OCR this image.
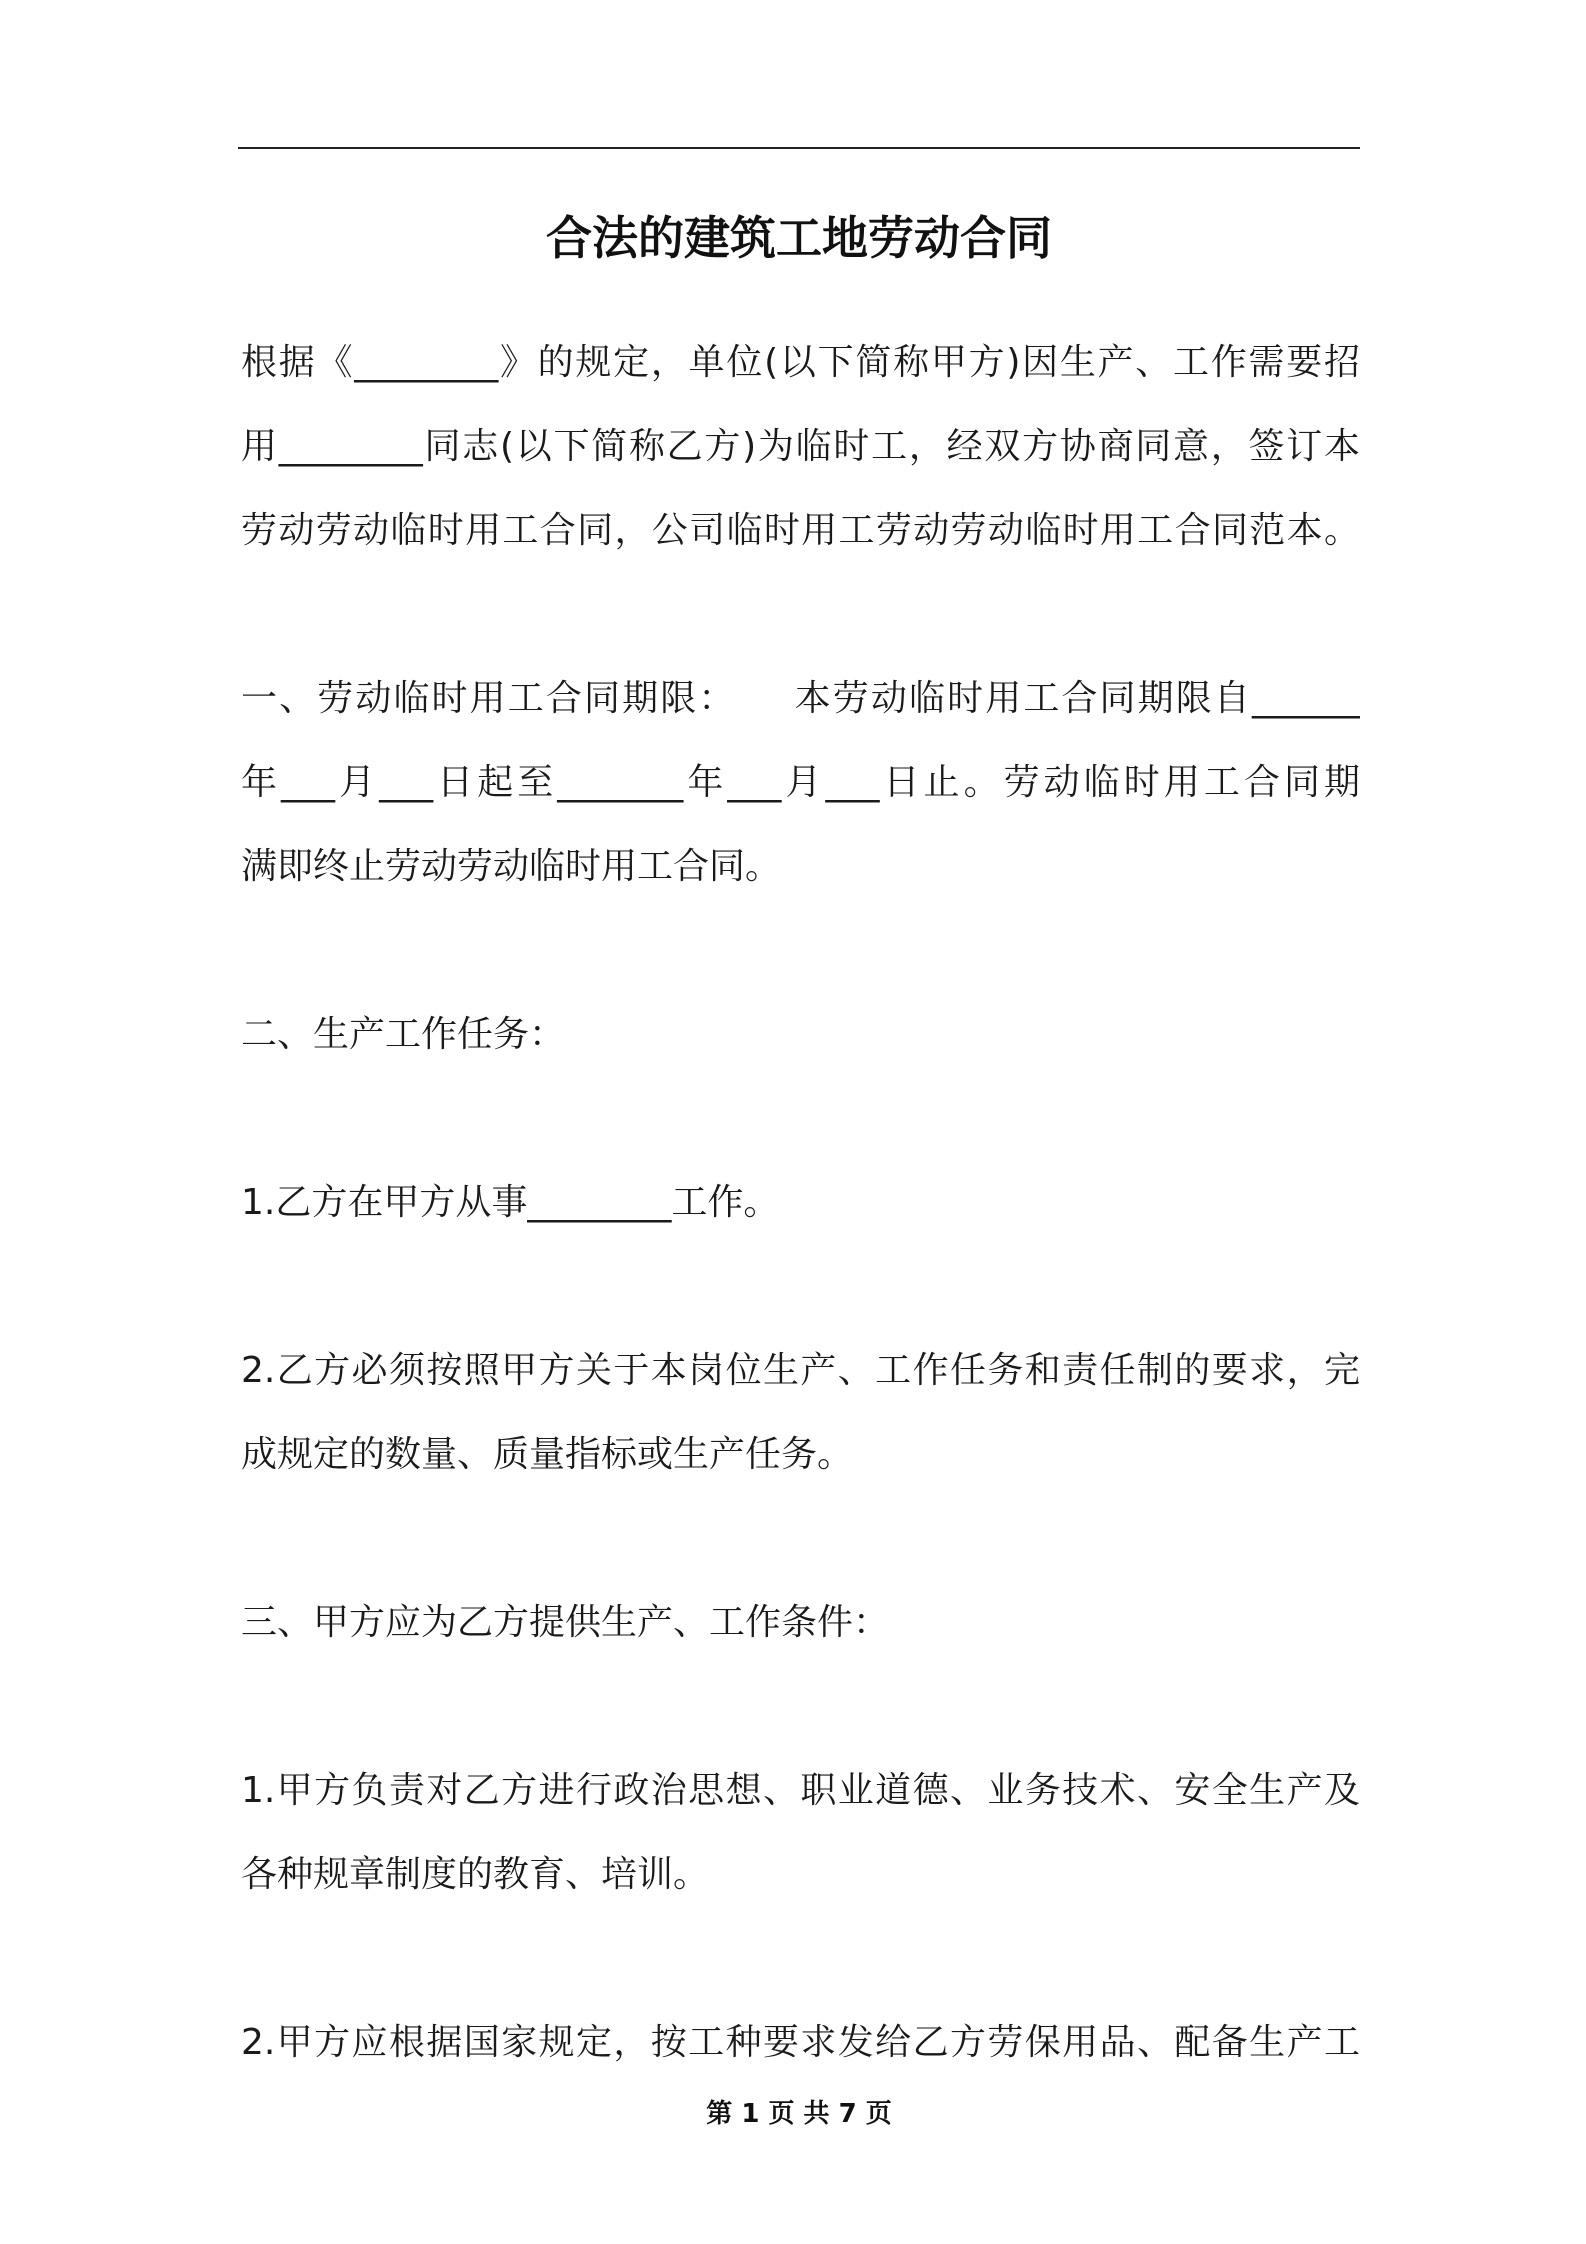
合法的建筑工地劳动合同
根据《________》的规定，单位(以下简称甲方)因生产、工作需要招
用________同志(以下简称乙方)为临时工，经双方协商同意，签订本
劳动劳动临时用工合同，公司临时用工劳动劳动临时用工合同范本。
一、劳动临时用工合同期限：　　本劳动临时用工合同期限自______
年___月___日起至_______年___月___日止。劳动临时用工合同期
满即终止劳动劳动临时用工合同。
二、生产工作任务：
1.乙方在甲方从事________工作。
2.乙方必须按照甲方关于本岗位生产、工作任务和责任制的要求，完
成规定的数量、质量指标或生产任务。
三、甲方应为乙方提供生产、工作条件：
1.甲方负责对乙方进行政治思想、职业道德、业务技术、安全生产及
各种规章制度的教育、培训。
2.甲方应根据国家规定，按工种要求发给乙方劳保用品、配备生产工
第 1 页 共 7 页
